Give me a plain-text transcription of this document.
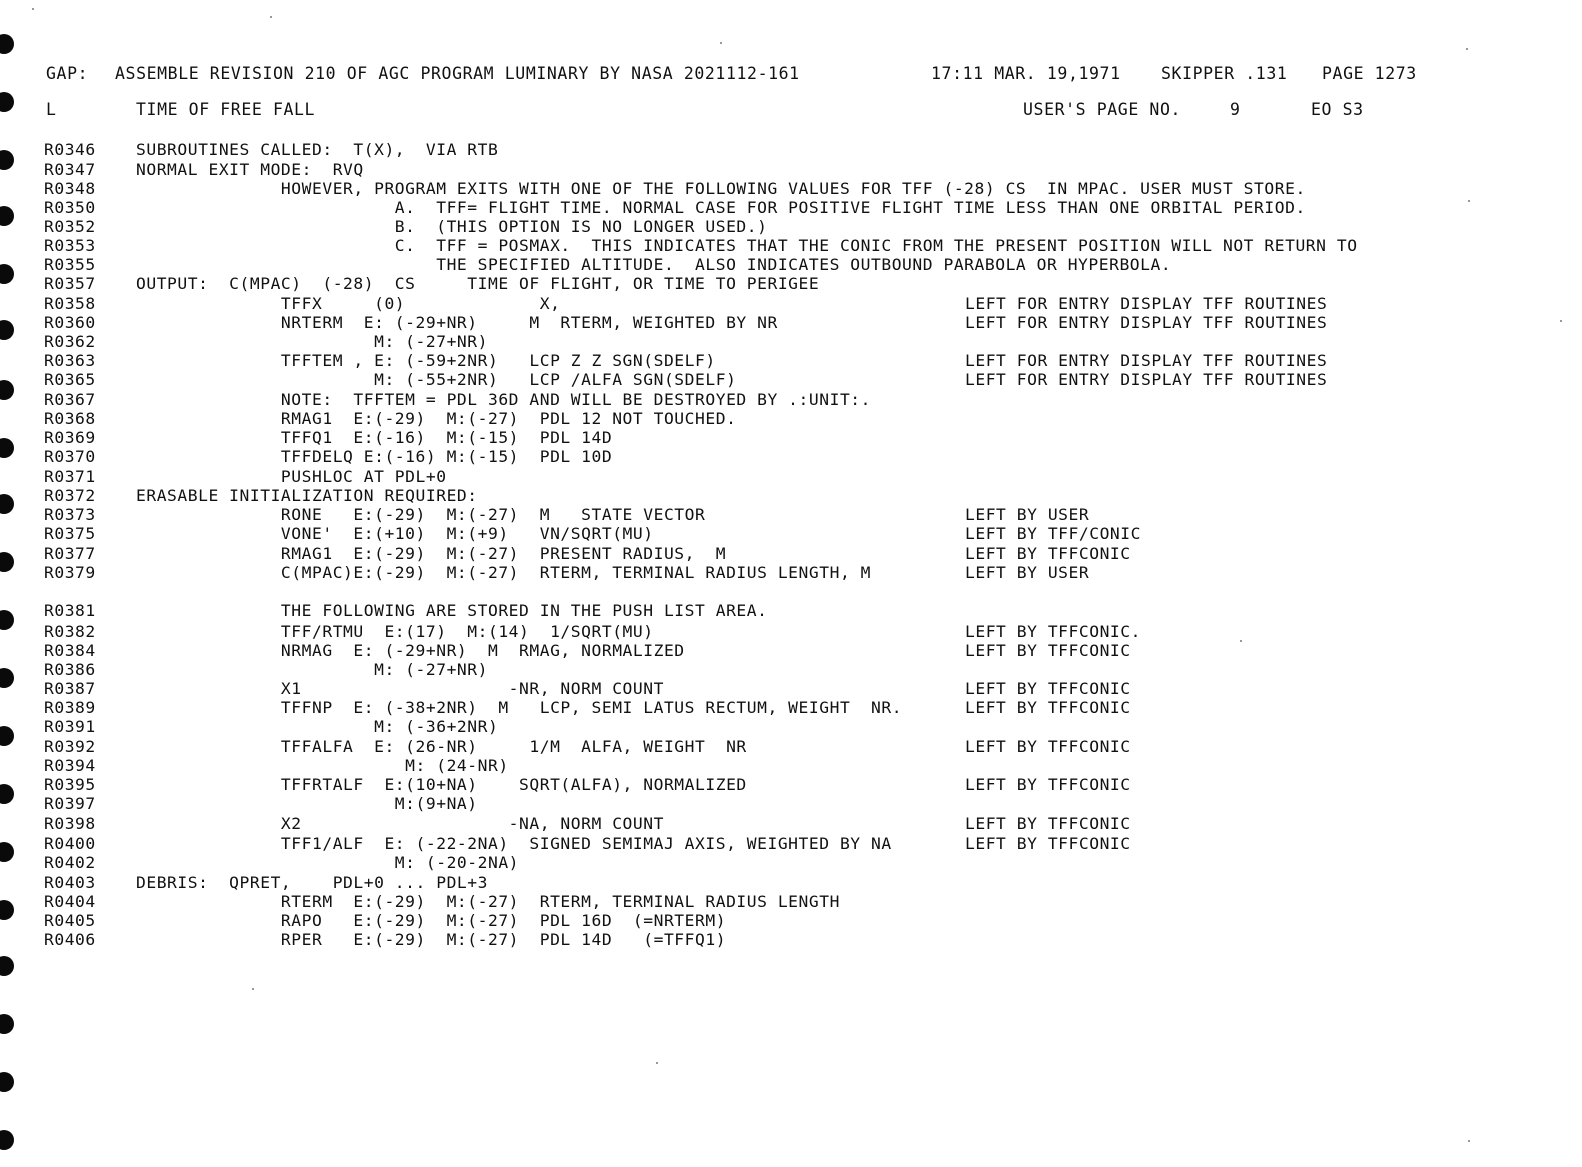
GAP:

ASSEMBLE REVISION 210 OF AGC PROGRAM LUMINARY BY NASA 2021112-161

	17:11 MAR. 19,1971

SKIPPER .131

PAGE 1273

L	TIME OF FREE FALL	USER'S PAGE NO.	9	EO S3
R0346 SUBROUTINES CALLED:  T(X),  VIA RTB
R0347 NORMAL EXIT MODE:  RVQ
R0348 HOWEVER, PROGRAM EXITS WITH ONE OF THE FOLLOWING VALUES FOR TFF (-28) CS  IN MPAC. USER MUST STORE.
R0350 A.  TFF= FLIGHT TIME. NORMAL CASE FOR POSITIVE FLIGHT TIME LESS THAN ONE ORBITAL PERIOD.
R0352 B.  (THIS OPTION IS NO LONGER USED.)
R0353 C.  TFF = POSMAX.  THIS INDICATES THAT THE CONIC FROM THE PRESENT POSITION WILL NOT RETURN TO
R0355 THE SPECIFIED ALTITUDE.  ALSO INDICATES OUTBOUND PARABOLA OR HYPERBOLA.
R0357 OUTPUT:  C(MPAC)  (-28)  CS     TIME OF FLIGHT, OR TIME TO PERIGEE
R0358 TFFX     (0)             X,	LEFT FOR ENTRY DISPLAY TFF ROUTINES
R0360 NRTERM  E: (-29+NR)     M  RTERM, WEIGHTED BY NR	LEFT FOR ENTRY DISPLAY TFF ROUTINES
R0362 M: (-27+NR)
R0363 TFFTEM , E: (-59+2NR)   LCP Z Z SGN(SDELF)	LEFT FOR ENTRY DISPLAY TFF ROUTINES
R0365 M: (-55+2NR)   LCP /ALFA SGN(SDELF)	LEFT FOR ENTRY DISPLAY TFF ROUTINES
R0367 NOTE:  TFFTEM = PDL 36D AND WILL BE DESTROYED BY .:UNIT:.
R0368 RMAG1  E:(-29)  M:(-27)  PDL 12 NOT TOUCHED.
R0369 TFFQ1  E:(-16)  M:(-15)  PDL 14D
R0370 TFFDELQ E:(-16) M:(-15)  PDL 10D
R0371 PUSHLOC AT PDL+0
R0372 ERASABLE INITIALIZATION REQUIRED:
R0373 RONE   E:(-29)  M:(-27)  M   STATE VECTOR	LEFT BY USER
R0375 VONE'  E:(+10)  M:(+9)   VN/SQRT(MU)	LEFT BY TFF/CONIC
R0377 RMAG1  E:(-29)  M:(-27)  PRESENT RADIUS,  M	LEFT BY TFFCONIC
R0379 C(MPAC)E:(-29)  M:(-27)  RTERM, TERMINAL RADIUS LENGTH, M	LEFT BY USER
R0381 THE FOLLOWING ARE STORED IN THE PUSH LIST AREA.
R0382 TFF/RTMU  E:(17)  M:(14)  1/SQRT(MU)	LEFT BY TFFCONIC.
R0384 NRMAG  E: (-29+NR)  M  RMAG, NORMALIZED	LEFT BY TFFCONIC
R0386 M: (-27+NR)
R0387 X1                    -NR, NORM COUNT	LEFT BY TFFCONIC
R0389 TFFNP  E: (-38+2NR)  M   LCP, SEMI LATUS RECTUM, WEIGHT  NR.	LEFT BY TFFCONIC
R0391 M: (-36+2NR)
R0392 TFFALFA  E: (26-NR)     1/M  ALFA, WEIGHT  NR	LEFT BY TFFCONIC
R0394 M: (24-NR)
R0395 TFFRTALF  E:(10+NA)    SQRT(ALFA), NORMALIZED	LEFT BY TFFCONIC
R0397 M:(9+NA)
R0398 X2                    -NA, NORM COUNT	LEFT BY TFFCONIC
R0400 TFF1/ALF  E: (-22-2NA)  SIGNED SEMIMAJ AXIS, WEIGHTED BY NA	LEFT BY TFFCONIC
R0402 M: (-20-2NA)
R0403 DEBRIS:  QPRET,    PDL+0 ... PDL+3
R0404 RTERM  E:(-29)  M:(-27)  RTERM, TERMINAL RADIUS LENGTH
R0405 RAPO   E:(-29)  M:(-27)  PDL 16D  (=NRTERM)
R0406 RPER   E:(-29)  M:(-27)  PDL 14D   (=TFFQ1)
